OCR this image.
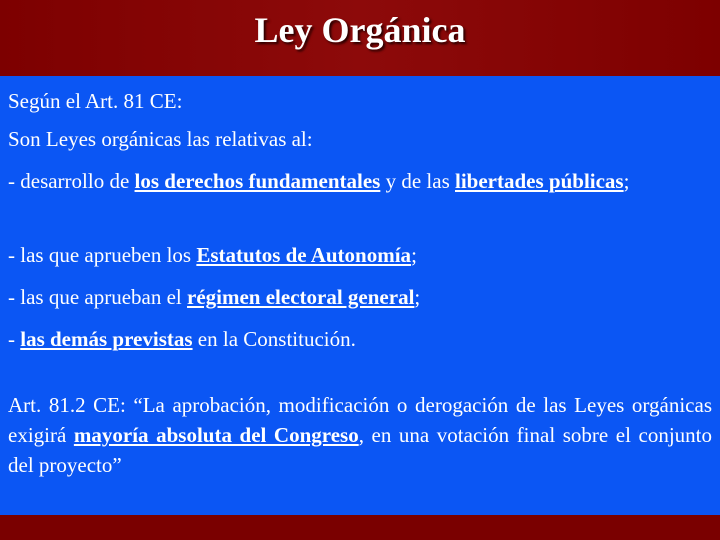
Ley Orgánica

Según el Art. 81 CE:

Son Leyes orgánicas las relativas al:

- desarrollo de los derechos fundamentales y de las libertades públicas;

- las que aprueben los Estatutos de Autonomía;

- las que aprueban el régimen electoral general;

- las demás previstas en la Constitución.

Art. 81.2 CE: “La aprobación, modificación o derogación de las Leyes orgánicas exigirá mayoría absoluta del Congreso, en una votación final sobre el conjunto del proyecto”
